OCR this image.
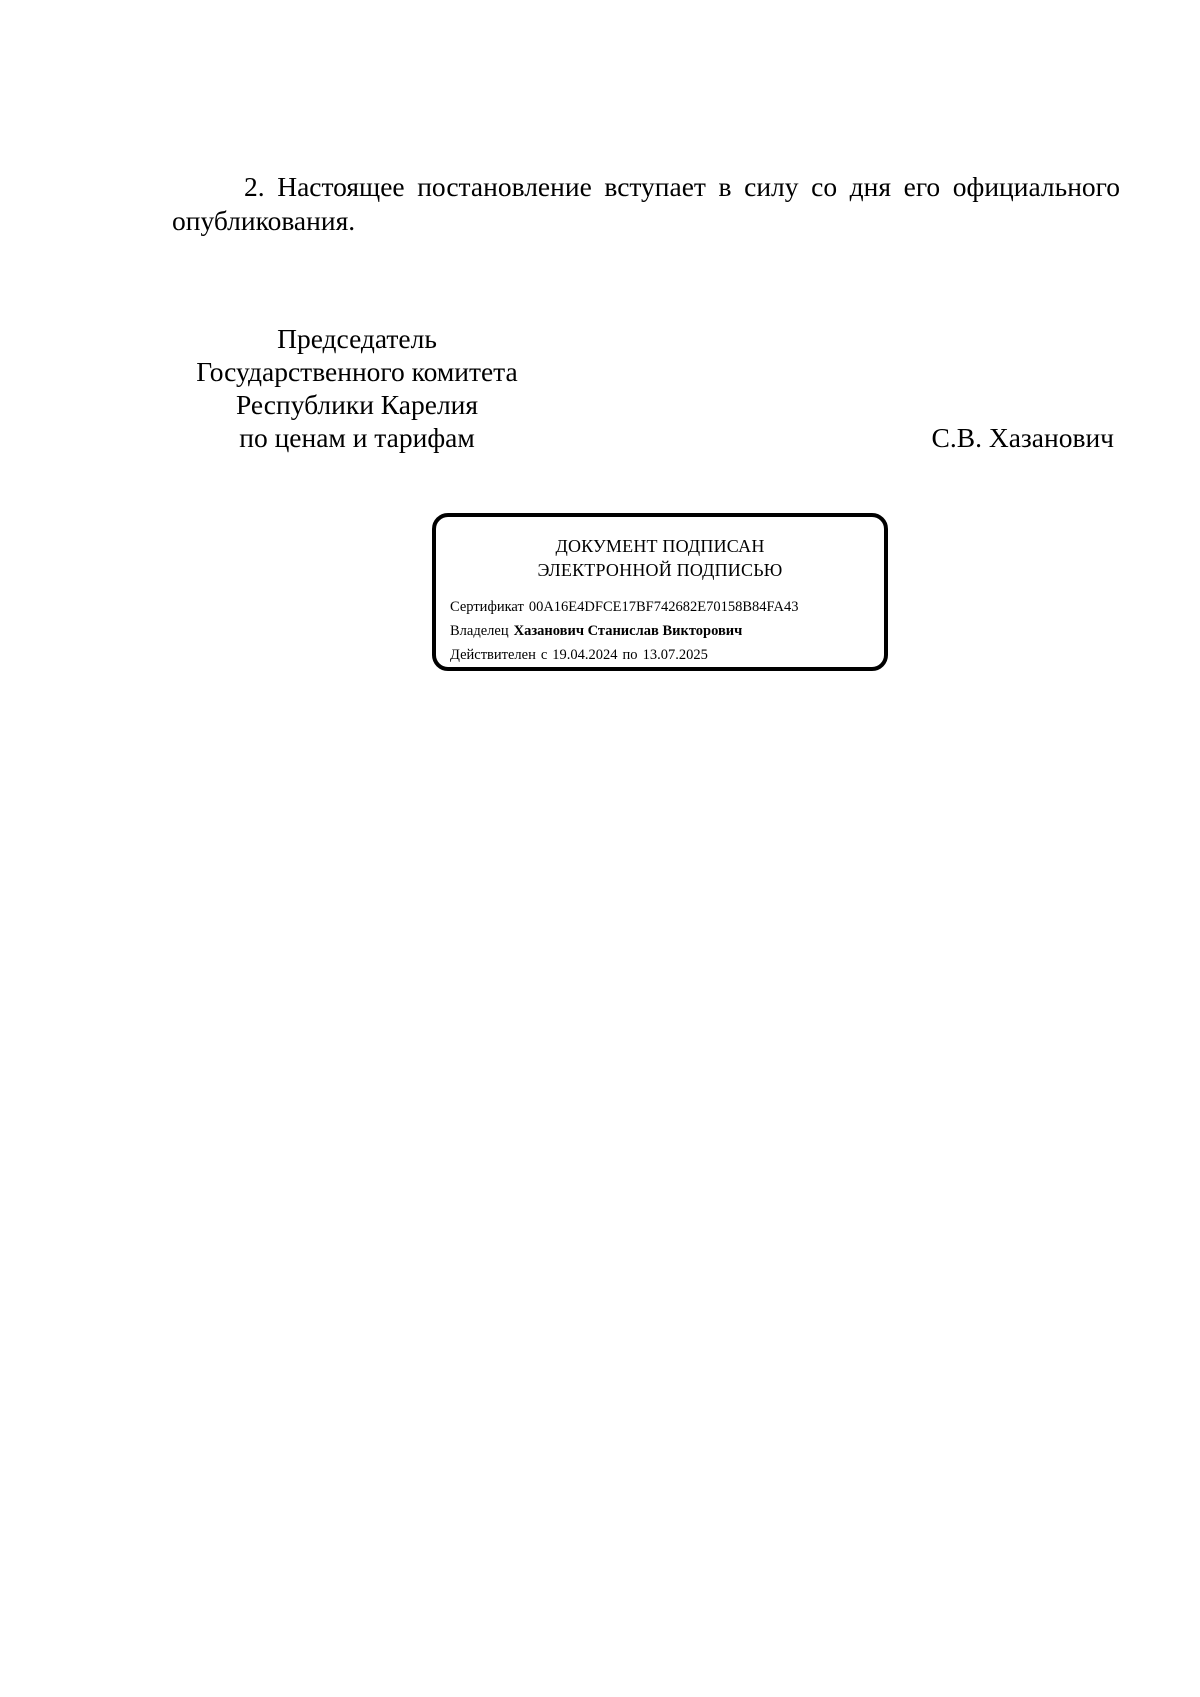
2. Настоящее постановление вступает в силу со дня его официального опубликования.

Председатель
Государственного комитета
Республики Карелия
по ценам и тарифам	С.В. Хазанович
ДОКУМЕНТ ПОДПИСАН
ЭЛЕКТРОННОЙ ПОДПИСЬЮ
Сертификат 00A16E4DFCE17BF742682E70158B84FA43
Владелец Хазанович Станислав Викторович
Действителен с 19.04.2024 по 13.07.2025
